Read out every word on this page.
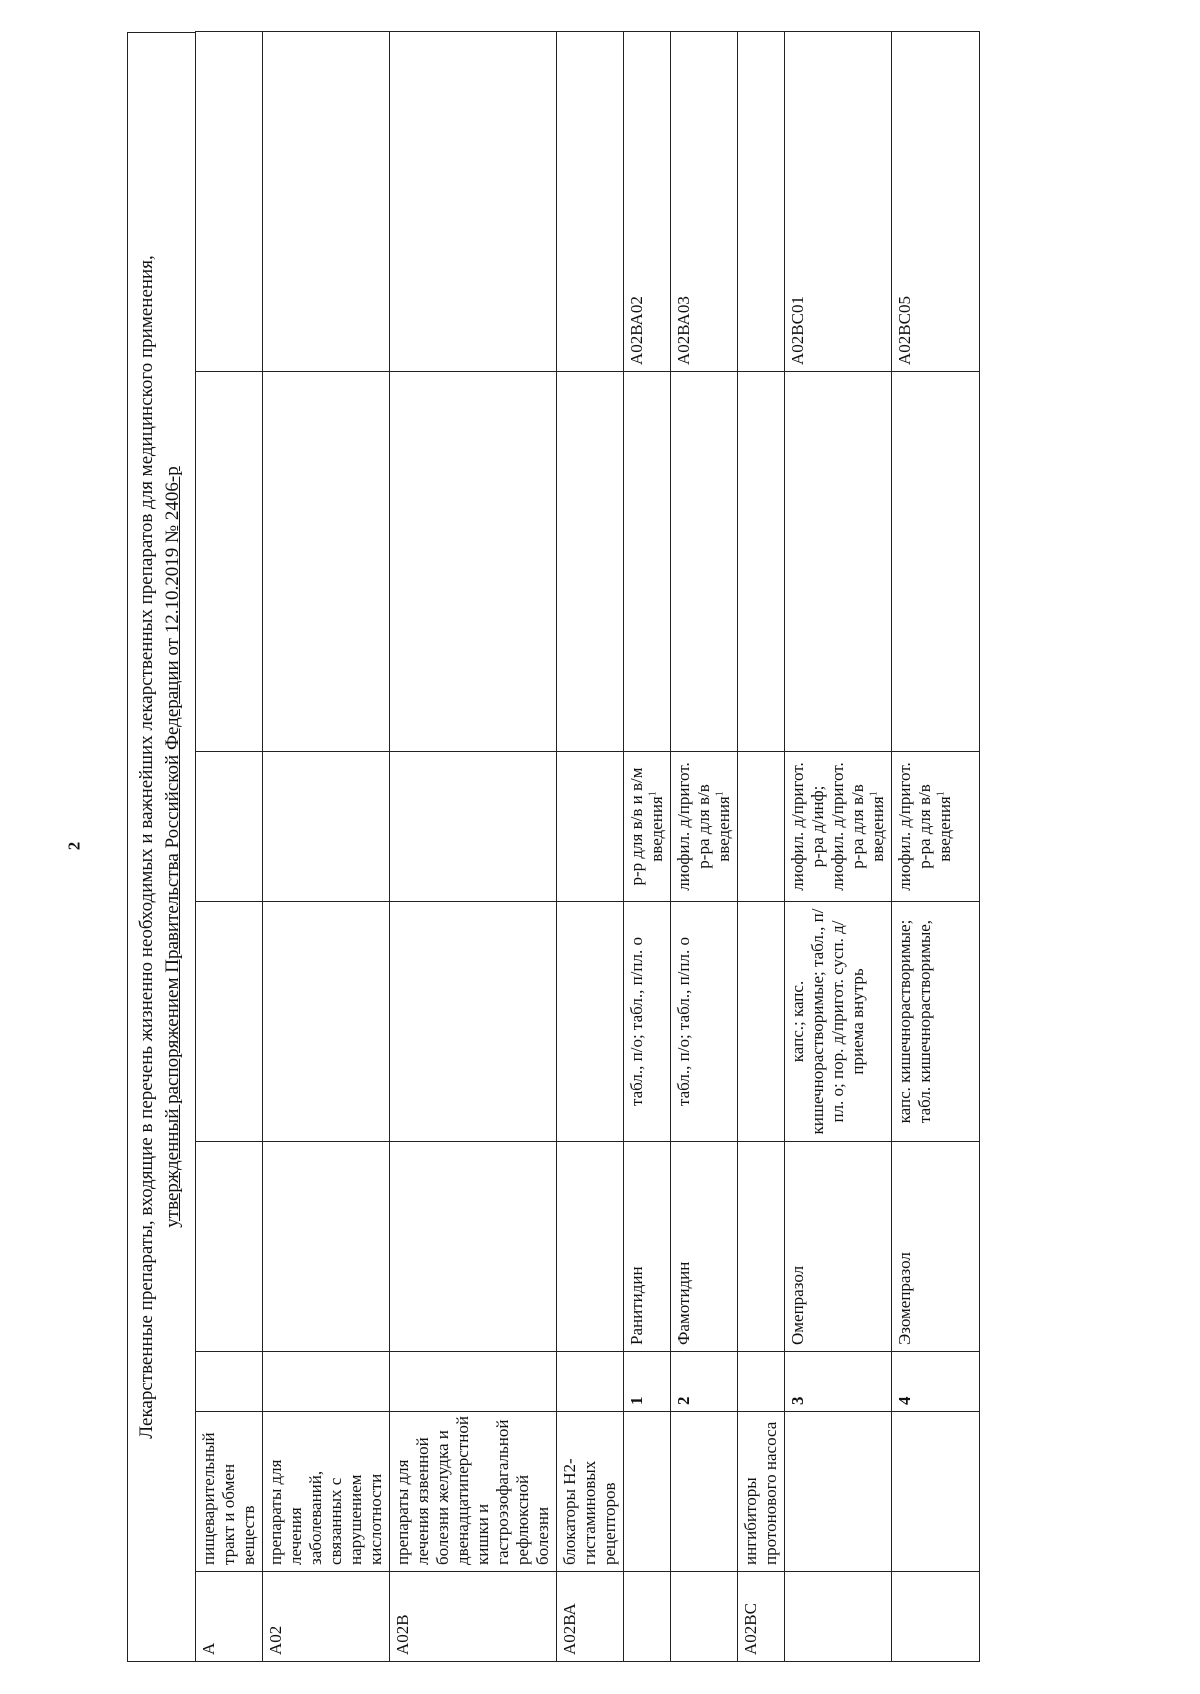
2	Лекарственные препараты, входящие в перечень жизненно необходимых и важнейших лекарственных препаратов для медицинского применения, утвержденный распоряжением Правительства Российской Федерации от 12.10.2019 № 2406-р
А	пищеварительный тракт и обмен веществ						
А02	препараты для лечения заболеваний, связанных с нарушением кислотности						
А02В	препараты для лечения язвенной болезни желудка и двенадцатиперстной кишки и гастроэзофагальной рефлюксной болезни						
А02ВА	блокаторы Н2-гистаминовых рецепторов						
		1	Ранитидин	табл., п/о; табл., п/пл. о	р-р для в/в и в/м введения$^1$		А02ВА02
		2	Фамотидин	табл., п/о; табл., п/пл. о	лиофил. д/пригот. р-ра для в/в введения$^1$		А02ВА03
А02ВС	ингибиторы протонового насоса						
		3	Омепразол	капс.; капс. кишечнорастворимые; табл., п/пл. о; пор. д/пригот. сусп. д/приема внутрь	лиофил. д/пригот. р-ра д/инф; лиофил. д/пригот. р-ра для в/в введения$^1$		А02ВС01
		4	Эзомепразол	капс. кишечнорастворимые; табл. кишечнорастворимые,	лиофил. д/пригот. р-ра для в/в введения$^1$		А02ВС05
